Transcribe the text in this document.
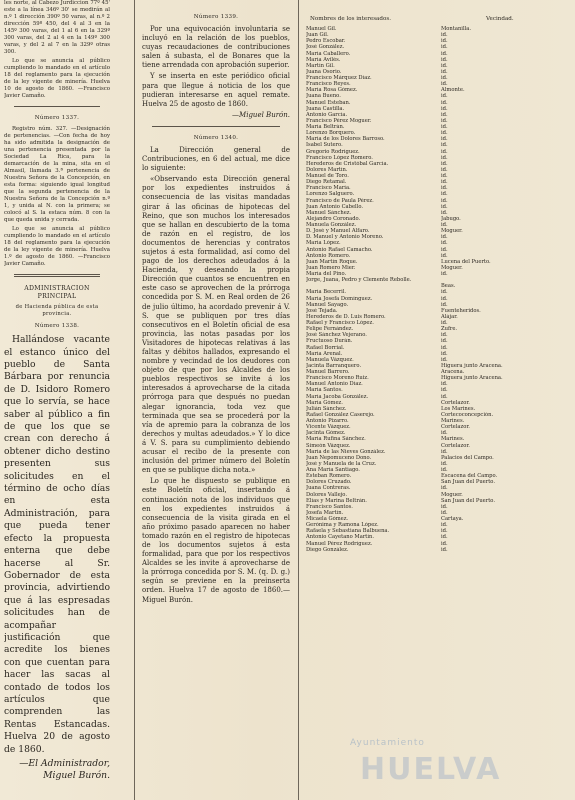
les norte, al Cabezo Jurdiccion 77º 45' este a la línea 346º 30' se medirán al n.º 1 dirección 390º 50 varas, al n.º 2 dirección 59º 450, del 4 al 3 en la 145º 300 varas, del 1 al 6 en la 329º 300 varas, del 2 al 4 en la 149º 300 varas, y del 2 al 7 en la 329º otras 300.

Lo que se anuncia al público cumpliendo lo mandado en el artículo 18 del reglamento para la ejecución de la ley vigente de minería. Huelva 10 de agosto de 1860. —Francisco Javier Camaño.

Número 1337.

Registro núm. 327. —Designación de pertenencias. —Con fecha de hoy ha sido admitida la designación de una pertenencia presentada por la Sociedad La Rica, para la demarcación de la mina, sita en el Almasil, llamada 3.ª pertenencia de Nuestra Señora de la Concepción, en esta forma: siguiendo igual longitud que la segunda pertenencia de la Nuestra Señora de la Concepción n.º 1, y unida al N. con la primera; se colocó al S. la estaca núm. 8 con la que queda unida y cerrada.

Lo que se anuncia al público cumpliendo lo mandado en el artículo 18 del reglamento para la ejecución de la ley vigente de minería. Huelva 1.º de agosto de 1860. —Francisco Javier Camaño.

ADMINISTRACION PRINCIPAL
de Hacienda pública de esta provincia.
Número 1338.

Hallándose vacante el estanco único del pueblo de Santa Bárbara por renuncia de D. Isidoro Romero que lo servía, se hace saber al público a fin de que los que se crean con derecho á obtener dicho destino presenten sus solicitudes en el término de ocho días en esta Administración, para que pueda tener efecto la propuesta enterna que debe hacerse al Sr. Gobernador de esta provincia, advirtiendo que á las espresadas solicitudes han de acompañar justificación que acredite los bienes con que cuentan para hacer las sacas al contado de todos los artículos que comprenden las Rentas Estancadas. Huelva 20 de agosto de 1860.

—El Administrador, Miguel Burón.

Número 1339.

Por una equivocación involuntaria se incluyó en la relación de los pueblos, cuyas recaudaciones de contribuciones salen á subasta, el de Bonares que la tiene arrendada con aprobación superior.

Y se inserta en este periódico oficial para que llegue á noticia de los que pudieran interesarse en aquel remate. Huelva 25 de agosto de 1860.

—Miguel Burón.

Número 1340.

La Dirección general de Contribuciones, en 6 del actual, me dice lo siguiente:

«Observando esta Dirección general por los expedientes instruidos á consecuencia de las visitas mandadas girar á las oficinas de hipotecas del Reino, que son muchos los interesados que se hallan en descubierto de la toma de razón en el registro, de los documentos de herencias y contratos sujetos á esta formalidad, así como del pago de los derechos adeudados á la Hacienda, y deseando la propia Dirección que cuantos se encuentren en este caso se aprovechen de la prórroga concedida por S. M. en Real orden de 26 de julio último, ha acordado prevenir á V. S. que se publiquen por tres días consecutivos en el Boletín oficial de esa provincia, las notas pasadas por los Visitadores de hipotecas relativas á las faltas y débitos hallados, expresando el nombre y vecindad de los deudores con objeto de que por los Alcaldes de los pueblos respectivos se invite á los interesados á aprovecharse de la citada prórroga para que después no puedan alegar ignorancia, toda vez que terminada que sea se procederá por la vía de apremio para la cobranza de los derechos y multas adeudados.» Y lo dice á V. S. para su cumplimiento debiendo acusar el recibo de la presente con inclusión del primer número del Boletín en que se publique dicha nota.»

Lo que he dispuesto se publique en este Boletín oficial, insertando á continuación nota de los individuos que en los expedientes instruidos á consecuencia de la visita girada en el año próximo pasado aparecen no haber tomado razón en el registro de hipotecas de los documentos sujetos á esta formalidad, para que por los respectivos Alcaldes se les invite á aprovecharse de la prórroga concedida por S. M. (q. D. g.) según se previene en la preinserta orden. Huelva 17 de agosto de 1860.—Miguel Burón.

Nombres de los interesados.	Vecindad.
Manuel Gil.	Montanilla.
Juan Gil.	id.
Pedro Escobar.	id.
José González.	id.
María Caballero.	id.
María Avilés.	id.
Martín Gil.	id.
Juana Osorio.	id.
Francisco Márquez Díaz.	id.
Francisco Reyes.	id.
María Rosa Gómez.	Almonte.
Juana Bueno.	id.
Manuel Esteban.	id.
Juana Castilla.	id.
Antonio García.	id.
Francisco Pérez Moguer.	id.
María Beltrán.	id.
Lorenzo Borquero.	id.
María de los Dolores Barroso.	id.
Isabel Sutero.	id.
Gregorio Rodríguez.	id.
Francisco López Romero.	id.
Herederos de Cristóbal García.	id.
Dolores Martín.	id.
Manuel de Toro.	id.
Diego Retamal.	id.
Francisco María.	id.
Lorenzo Salguero.	id.
Francisco de Paula Pérez.	id.
Juan Antonio Cabello.	id.
Manuel Sánchez.	id.
Alejandro Coronado.	Jabugo.
Manuela González.	id.
D. José y Manuel Alfaro.	Moguer.
D. Manuel y Antonio Moreno.	id.
María López.	id.
Antonio Rafael Camacho.	id.
Antonio Romero.	id.
Juan Martín Roque.	Lucena del Puerto.
Juan Romero Mier.	Moguer.
María del Pino.	id.
Jorge, Juana, Pedro y Clemente Rebolle.	
	Beas.
María Becerril.	id.
María Josefa Domínguez.	id.
Manuel Sayago.	id.
José Tejada.	Fuenteheridos.
Herederos de D. Luis Romero.	Alájar.
Rafael y Francisco López.	id.
Felipe Fernández.	Zufre.
José Sánchez Vejerano.	id.
Fructuoso Durán.	id.
Rafael Borrial.	id.
María Arenal.	id.
Manuela Vázquez.	id.
Jacinta Barranquero.	Higuera junto Aracena.
Manuel Barrero.	Aracena.
Francisco Moreno Ruiz.	Higuera junto Aracena.
Manuel Antonio Díaz.	id.
María Santos.	id.
María Jacoba González.	id.
María Gómez.	Cortelazor.
Julián Sánchez.	Los Marines.
Rafael González Caserejo.	Cortecoconcepción.
Antonio Pizarro.	Marines.
Vicente Vázquez.	Cortelazor.
Jacinta Gómez.	id.
María Rufina Sánchez.	Marines.
Simeón Vázquez.	Cortelazor.
María de las Nieves González.	id.
Juan Nepomuceno Dono.	Palacios del Campo.
José y Manuela de la Cruz.	id.
Ana María Santiago.	id.
Esteban Romero.	Escacena del Campo.
Dolores Cruzado.	San Juan del Puerto.
Juana Contreras.	id.
Dolores Vallejo.	Moguer.
Elías y Marina Beltrán.	San Juan del Puerto.
Francisco Santos.	id.
Josefa Martín.	id.
Micaela Gómez.	Cartaya.
Gerónima y Ramona López.	id.
Rafaela y Sebastiana Balbuena.	id.
Antonio Cayetano Martín.	id.
Manuel Pérez Rodríguez.	id.
Diego González.	id.
Ayuntamiento
HUELVA
